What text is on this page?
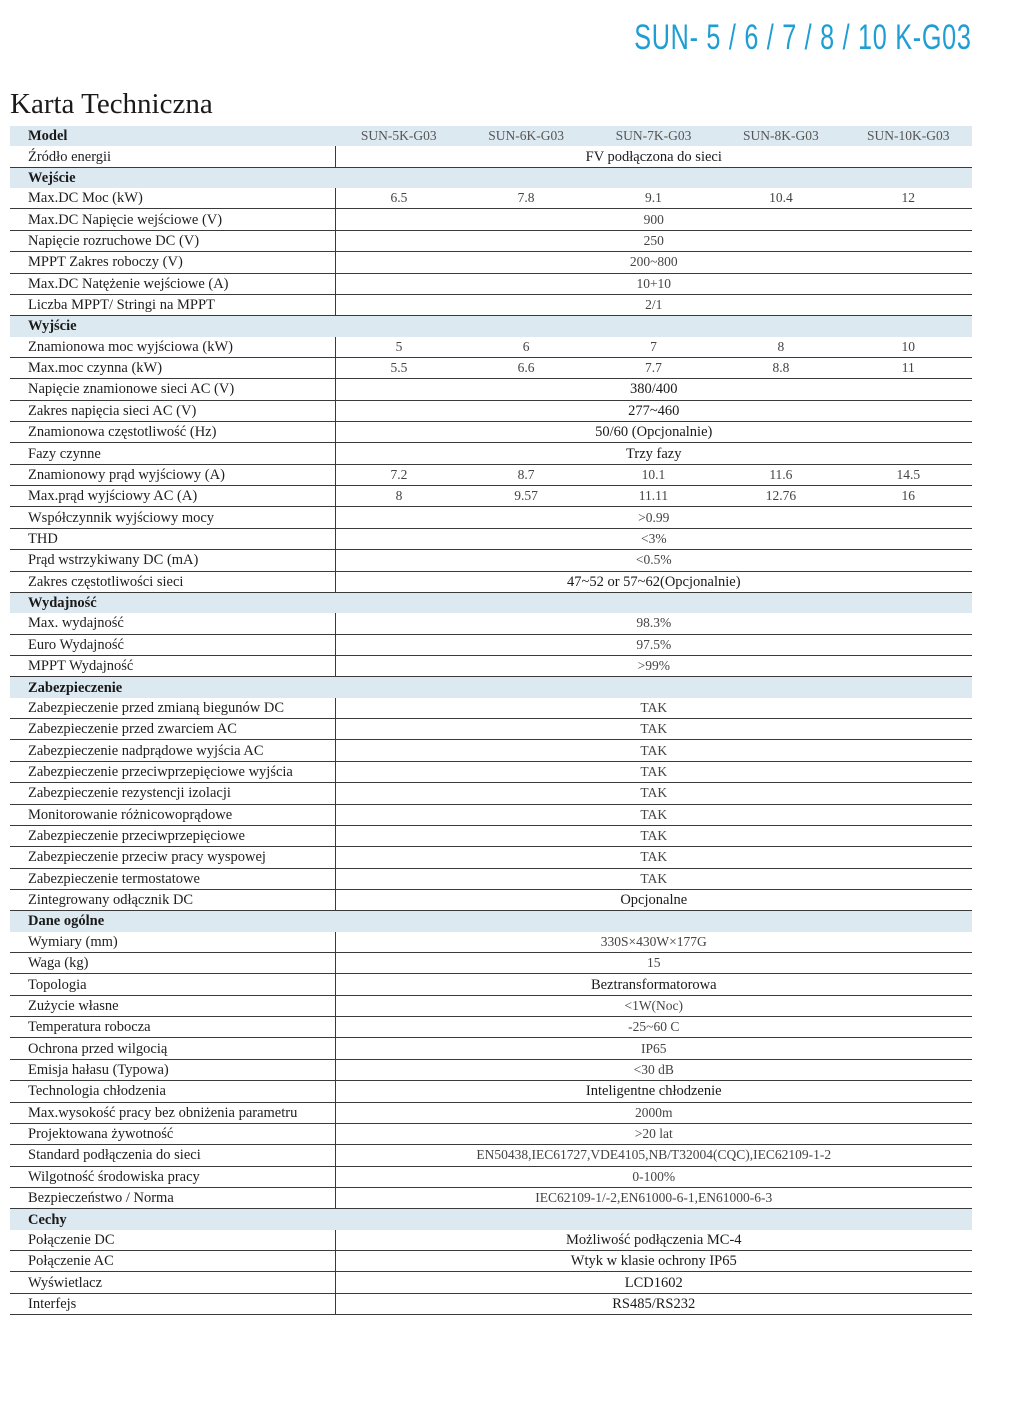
SUN- 5 / 6 / 7 / 8 / 10 K-G03
Karta Techniczna
Model	SUN-5K-G03	SUN-6K-G03	SUN-7K-G03	SUN-8K-G03	SUN-10K-G03
Źródło energii	FV podłączona do sieci				
Wejście					
Max.DC Moc (kW)	6.5	7.8	9.1	10.4	12
Max.DC Napięcie wejściowe (V)	900				
Napięcie rozruchowe DC (V)	250				
MPPT Zakres roboczy (V)	200~800				
Max.DC Natężenie wejściowe (A)	10+10				
Liczba MPPT/ Stringi na MPPT	2/1				
Wyjście					
Znamionowa moc wyjściowa (kW)	5	6	7	8	10
Max.moc czynna (kW)	5.5	6.6	7.7	8.8	11
Napięcie znamionowe sieci AC (V)	380/400				
Zakres napięcia sieci AC (V)	277~460				
Znamionowa częstotliwość (Hz)	50/60 (Opcjonalnie)				
Fazy czynne	Trzy fazy				
Znamionowy prąd wyjściowy (A)	7.2	8.7	10.1	11.6	14.5
Max.prąd wyjściowy AC (A)	8	9.57	11.11	12.76	16
Współczynnik wyjściowy mocy	>0.99				
THD	<3%				
Prąd wstrzykiwany DC (mA)	<0.5%				
Zakres częstotliwości sieci	47~52 or 57~62(Opcjonalnie)				
Wydajność					
Max. wydajność	98.3%				
Euro Wydajność	97.5%				
MPPT Wydajność	>99%				
Zabezpieczenie					
Zabezpieczenie przed zmianą biegunów DC	TAK				
Zabezpieczenie przed zwarciem AC	TAK				
Zabezpieczenie nadprądowe wyjścia AC	TAK				
Zabezpieczenie przeciwprzepięciowe wyjścia	TAK				
Zabezpieczenie rezystencji izolacji	TAK				
Monitorowanie różnicowoprądowe	TAK				
Zabezpieczenie przeciwprzepięciowe	TAK				
Zabezpieczenie przeciw pracy wyspowej	TAK				
Zabezpieczenie termostatowe	TAK				
Zintegrowany odłącznik DC	Opcjonalne				
Dane ogólne					
Wymiary (mm)	330S×430W×177G				
Waga (kg)	15				
Topologia	Beztransformatorowa				
Zużycie własne	<1W(Noc)				
Temperatura robocza	-25~60 C				
Ochrona przed wilgocią	IP65				
Emisja hałasu (Typowa)	<30 dB				
Technologia chłodzenia	Inteligentne chłodzenie				
Max.wysokość pracy bez obniżenia parametru	2000m				
Projektowana żywotność	>20 lat				
Standard podłączenia do sieci	EN50438,IEC61727,VDE4105,NB/T32004(CQC),IEC62109-1-2				
Wilgotność środowiska pracy	0-100%				
Bezpieczeństwo / Norma	IEC62109-1/-2,EN61000-6-1,EN61000-6-3				
Cechy					
Połączenie DC	Możliwość podłączenia MC-4				
Połączenie AC	Wtyk w klasie ochrony IP65				
Wyświetlacz	LCD1602				
Interfejs	RS485/RS232				
